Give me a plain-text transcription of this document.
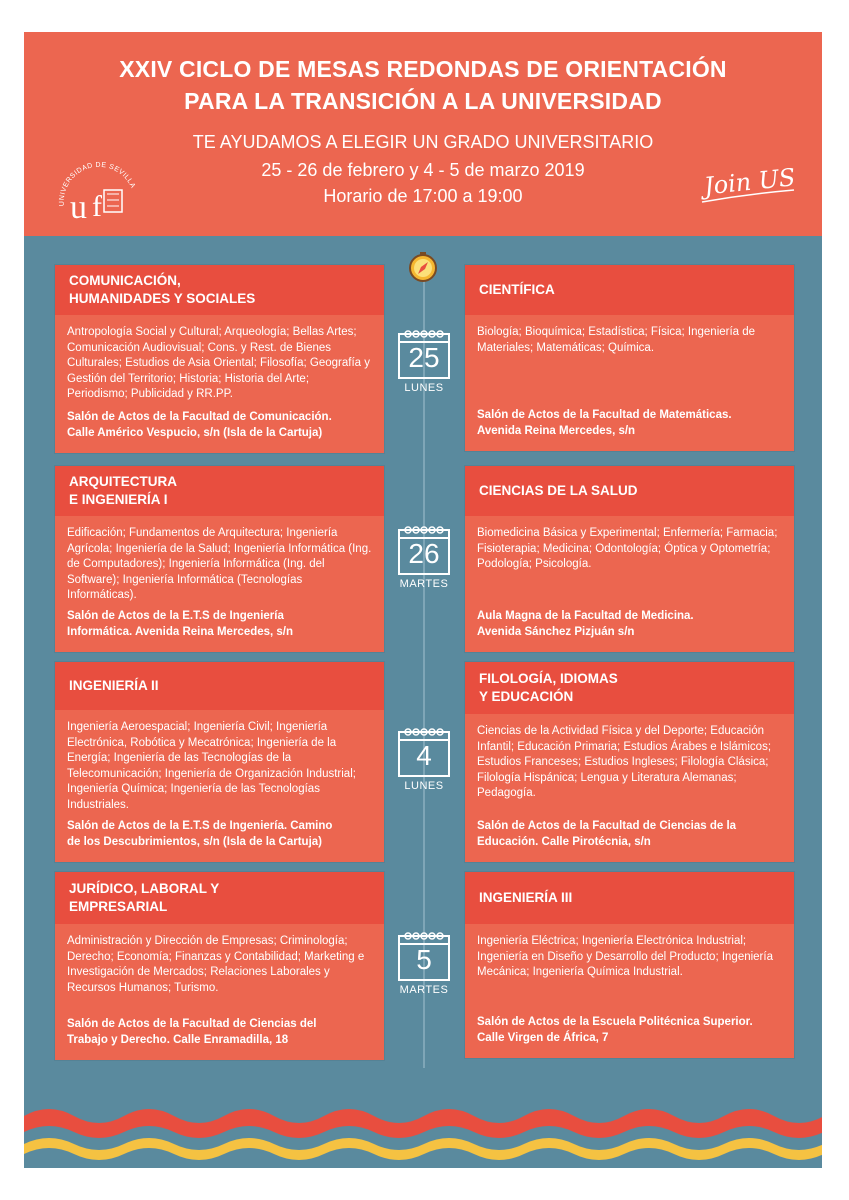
XXIV CICLO DE MESAS REDONDAS DE ORIENTACIÓN
PARA LA TRANSICIÓN A LA UNIVERSIDAD
TE AYUDAMOS A ELEGIR UN GRADO UNIVERSITARIO
25 - 26 de febrero y 4 - 5 de marzo 2019
Horario de 17:00 a 19:00
UNIVERSIDAD DE SEVILLA
u f
Join US
COMUNICACIÓN,
HUMANIDADES Y SOCIALES
Antropología Social y Cultural; Arqueología; Bellas Artes; Comunicación Audiovisual; Cons. y Rest. de Bienes Culturales; Estudios de Asia Oriental; Filosofía; Geografía y Gestión del Territorio; Historia; Historia del Arte; Periodismo; Publicidad y RR.PP.
Salón de Actos de la Facultad de Comunicación.
Calle Américo Vespucio, s/n (Isla de la Cartuja)
ARQUITECTURA
E INGENIERÍA I
Edificación; Fundamentos de Arquitectura; Ingeniería Agrícola; Ingeniería de la Salud; Ingeniería Informática (Ing. de Computadores); Ingeniería Informática (Ing. del Software); Ingeniería Informática (Tecnologías Informáticas).
Salón de Actos de la E.T.S de Ingeniería
Informática. Avenida Reina Mercedes, s/n
INGENIERÍA II
Ingeniería Aeroespacial; Ingeniería Civil; Ingeniería Electrónica, Robótica y Mecatrónica; Ingeniería de la Energía; Ingeniería de las Tecnologías de la Telecomunicación; Ingeniería de Organización Industrial; Ingeniería Química; Ingeniería de las Tecnologías Industriales.
Salón de Actos de la E.T.S de Ingeniería. Camino
de los Descubrimientos, s/n (Isla de la Cartuja)
JURÍDICO, LABORAL Y
EMPRESARIAL
Administración y Dirección de Empresas; Criminología; Derecho; Economía; Finanzas y Contabilidad; Marketing e Investigación de Mercados; Relaciones Laborales y Recursos Humanos; Turismo.
Salón de Actos de la Facultad de Ciencias del
Trabajo y Derecho. Calle Enramadilla, 18
CIENTÍFICA
Biología; Bioquímica; Estadística; Física; Ingeniería de Materiales; Matemáticas; Química.
Salón de Actos de la Facultad de Matemáticas.
Avenida Reina Mercedes, s/n
CIENCIAS DE LA SALUD
Biomedicina Básica y Experimental; Enfermería; Farmacia; Fisioterapia; Medicina; Odontología; Óptica y Optometría; Podología; Psicología.
Aula Magna de la Facultad de Medicina.
Avenida Sánchez Pizjuán s/n
FILOLOGÍA, IDIOMAS
Y EDUCACIÓN
Ciencias de la Actividad Física y del Deporte; Educación Infantil; Educación Primaria; Estudios Árabes e Islámicos; Estudios Franceses; Estudios Ingleses; Filología Clásica; Filología Hispánica; Lengua y Literatura Alemanas; Pedagogía.
Salón de Actos de la Facultad de Ciencias de la
Educación. Calle Pirotécnia, s/n
INGENIERÍA III
Ingeniería Eléctrica; Ingeniería Electrónica Industrial; Ingeniería en Diseño y Desarrollo del Producto; Ingeniería Mecánica; Ingeniería Química Industrial.
Salón de Actos de la Escuela Politécnica Superior.
Calle Virgen de África, 7
25
LUNES
26
MARTES
4
LUNES
5
MARTES
